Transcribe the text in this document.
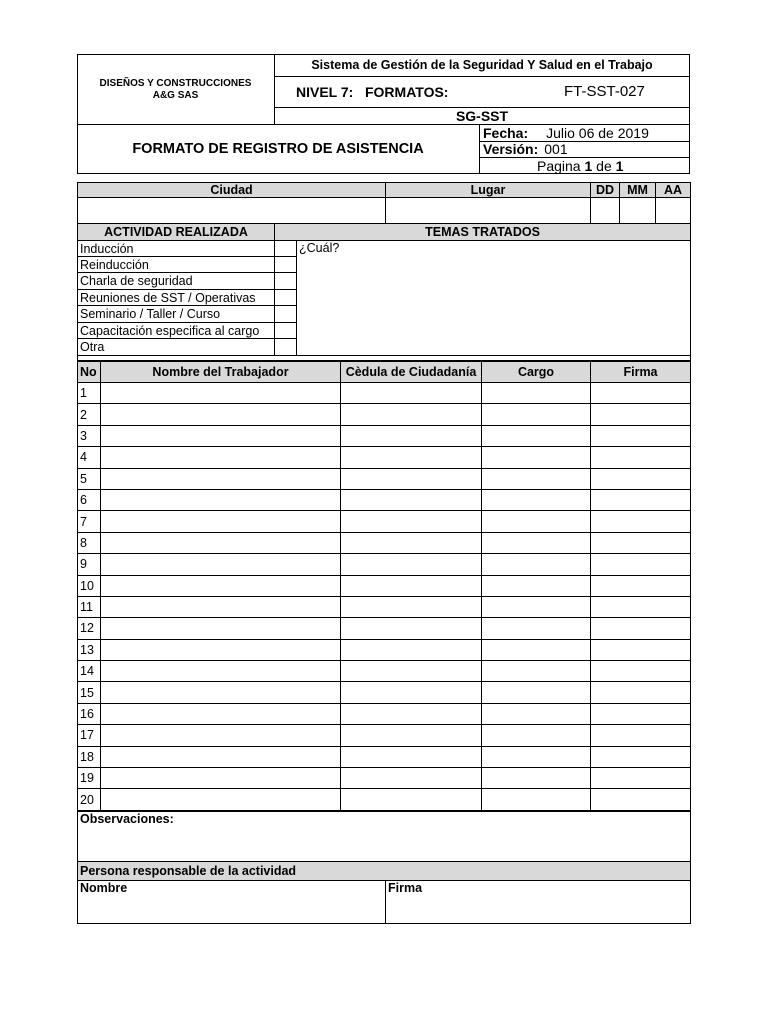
DISEÑOS Y CONSTRUCCIONES
A&G SAS
Sistema de Gestión de la Seguridad Y Salud en el Trabajo
NIVEL 7:   FORMATOS:	FT-SST-027
SG-SST
FORMATO DE REGISTRO DE ASISTENCIA
Fecha: Julio 06 de 2019
Versión: 001
Pagina
1
de
1
Ciudad			Lugar	DD	MM	AA

ACTIVIDAD REALIZADA	TEMAS TRATADOS					
Inducción		¿Cuál?				
Reinducción						
Charla de seguridad						
Reuniones de SST / Operativas						
Seminario / Taller / Curso						
Capacitación especifica al cargo						
Otra						

No	Nombre del Trabajador	Cèdula de Ciudadanía	Cargo	Firma
1				
2				
3				
4				
5				
6				
7				
8				
9				
10				
11				
12				
13				
14				
15				
16				
17				
18				
19				
20				
Observaciones:
Persona responsable de la actividad
Nombre	Firma
